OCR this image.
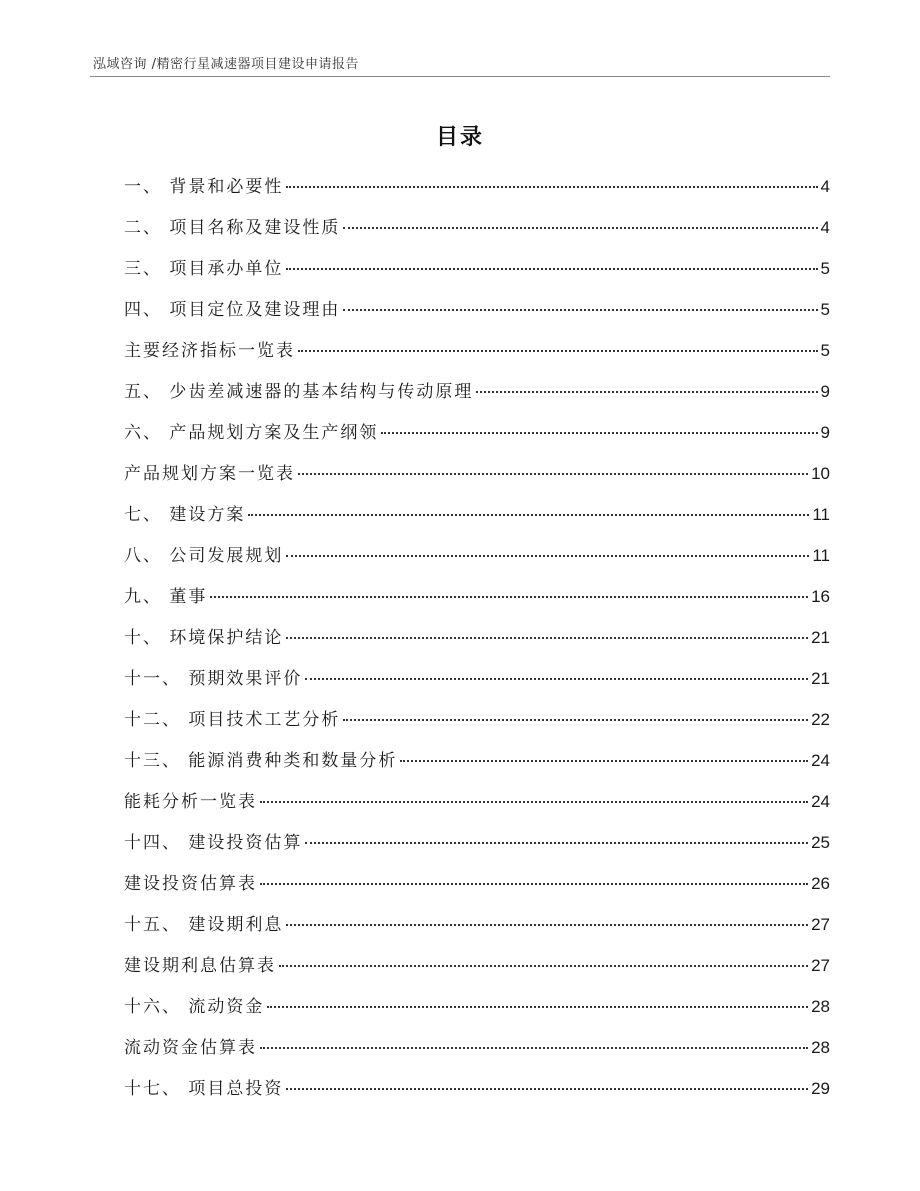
泓域咨询 /精密行星减速器项目建设申请报告
目录
一、 背景和必要性	4
二、 项目名称及建设性质	4
三、 项目承办单位	5
四、 项目定位及建设理由	5
主要经济指标一览表	5
五、 少齿差减速器的基本结构与传动原理	9
六、 产品规划方案及生产纲领	9
产品规划方案一览表	10
七、 建设方案	11
八、 公司发展规划	11
九、 董事	16
十、 环境保护结论	21
十一、 预期效果评价	21
十二、 项目技术工艺分析	22
十三、 能源消费种类和数量分析	24
能耗分析一览表	24
十四、 建设投资估算	25
建设投资估算表	26
十五、 建设期利息	27
建设期利息估算表	27
十六、 流动资金	28
流动资金估算表	28
十七、 项目总投资	29
